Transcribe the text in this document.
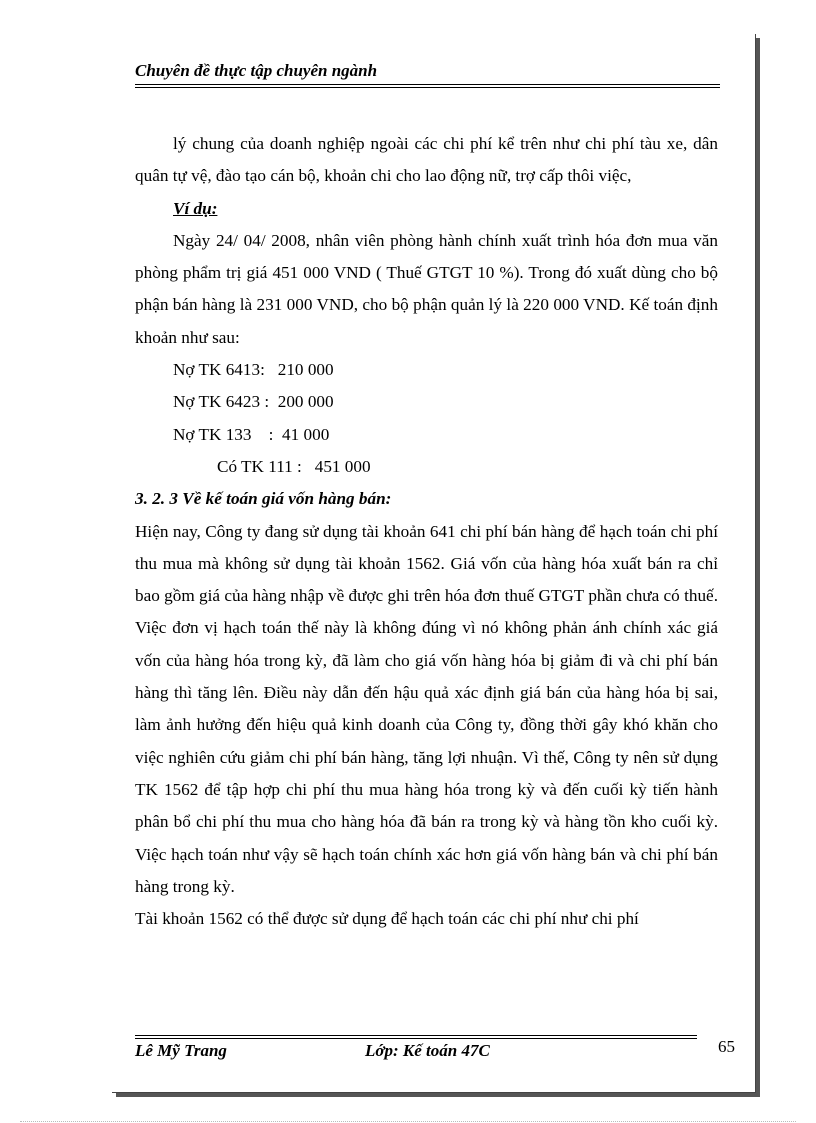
Chuyên đề thực tập chuyên ngành

lý chung của doanh nghiệp ngoài các chi phí kể trên như chi phí tàu xe, dân quân tự vệ, đào tạo cán bộ, khoản chi cho lao động nữ, trợ cấp thôi việc,

Ví dụ:

Ngày 24/ 04/ 2008, nhân viên phòng hành chính xuất trình hóa đơn mua văn phòng phẩm trị giá 451 000 VND ( Thuế GTGT 10 %). Trong đó xuất dùng cho bộ phận bán hàng là 231 000 VND, cho bộ phận quản lý là 220 000 VND. Kế toán định khoản như sau:

Nợ TK 6413:   210 000

Nợ TK 6423 :  200 000

Nợ TK 133    :  41 000

Có TK 111 :   451 000

3. 2. 3 Về kế toán giá vốn hàng bán:

Hiện nay, Công ty đang sử dụng tài khoản 641 chi phí bán hàng để hạch toán chi phí thu mua mà không sử dụng tài khoản 1562. Giá vốn của hàng hóa xuất bán ra chỉ bao gồm giá của hàng nhập về được ghi trên hóa đơn thuế GTGT phần chưa có thuế. Việc đơn vị hạch toán thế này là không đúng vì nó không phản ánh chính xác giá vốn của hàng hóa trong kỳ, đã làm cho giá vốn hàng hóa bị giảm đi và chi phí bán hàng thì tăng lên. Điều này dẫn đến hậu quả xác định giá bán của hàng hóa bị sai, làm ảnh hưởng đến hiệu quả kinh doanh của Công ty, đồng thời gây khó khăn cho việc nghiên cứu giảm chi phí bán hàng, tăng lợi nhuận. Vì thế, Công ty nên sử dụng TK 1562 để tập hợp chi phí thu mua hàng hóa trong kỳ và đến cuối kỳ tiến hành phân bổ chi phí thu mua cho hàng hóa đã bán ra trong kỳ và hàng tồn kho cuối kỳ. Việc hạch toán như vậy sẽ hạch toán chính xác hơn giá vốn hàng bán và chi phí bán hàng trong kỳ.

Tài khoản 1562 có thể được sử dụng để hạch toán các chi phí như chi phí

Lê Mỹ Trang	Lớp: Kế toán 47C	65
